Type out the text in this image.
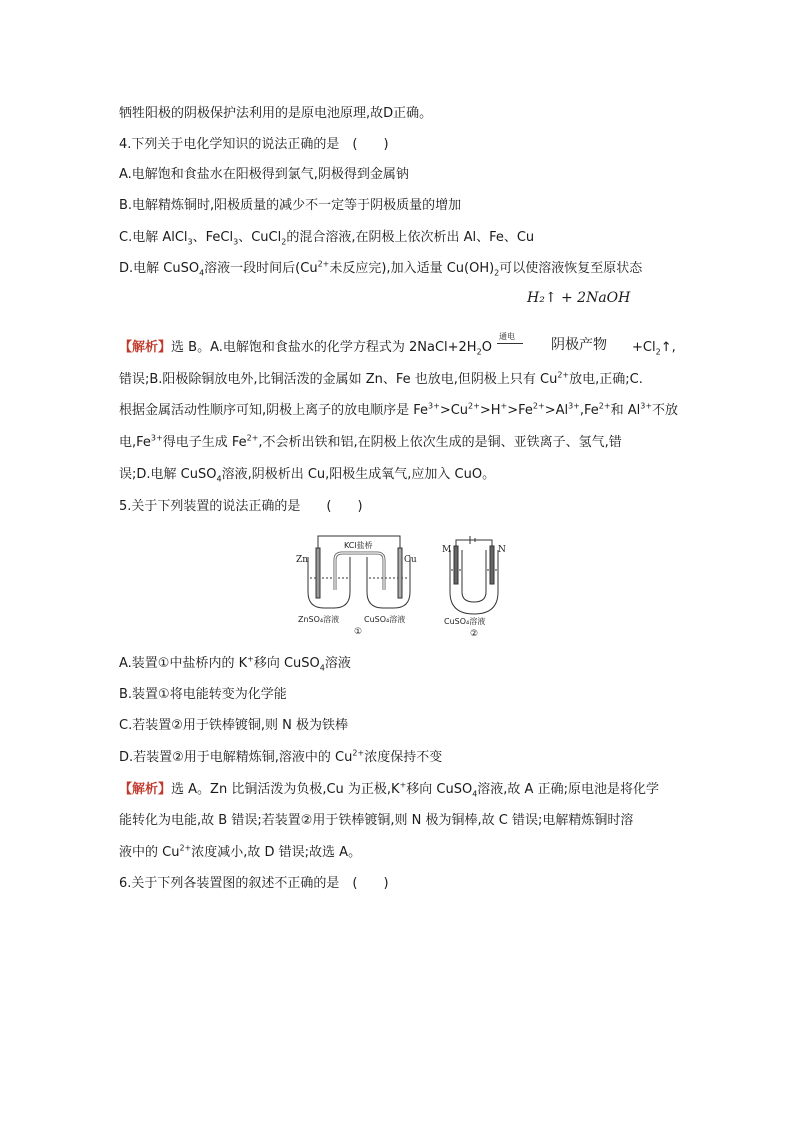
牺牲阳极的阴极保护法利用的是原电池原理,故D正确。
4.下列关于电化学知识的说法正确的是　(　　)
A.电解饱和食盐水在阳极得到氯气,阴极得到金属钠
B.电解精炼铜时,阳极质量的减少不一定等于阴极质量的增加
C.电解 AlCl$_3$、FeCl$_3$、CuCl$_2$的混合溶液,在阴极上依次析出 Al、Fe、Cu
D.电解 CuSO$_4$溶液一段时间后($Cu^{2+}$未反应完),加入适量 $Cu(OH)_2$可以使溶液恢复至原状态
H₂↑ + 2NaOH
通电
阴极产物
【解析】选 B。A.电解饱和食盐水的化学方程式为 $2NaCl+2H_2O$	$+Cl_2↑$,
错误;B.阳极除铜放电外,比铜活泼的金属如 Zn、Fe 也放电,但阴极上只有 $Cu^{2+}$放电,正确;C.
根据金属活动性顺序可知,阴极上离子的放电顺序是 $Fe^{3+}>Cu^{2+}>H^+>Fe^{2+}>Al^{3+},Fe^{2+}$和 $Al^{3+}$不放
电$,Fe^{3+}$得电子生成 $Fe^{2+}$,不会析出铁和铝,在阴极上依次生成的是铜、亚铁离子、氢气,错
误;D.电解 CuSO$_4$溶液,阴极析出 Cu,阳极生成氧气,应加入 CuO。
5.关于下列装置的说法正确的是　　(　　)
KCl盐桥
Zn	Cu
ZnSO₄溶液	CuSO₄溶液
①
M	N
CuSO₄溶液
②
A.装置①中盐桥内的 K+移向 CuSO$_4$溶液
B.装置①将电能转变为化学能
C.若装置②用于铁棒镀铜,则 N 极为铁棒
D.若装置②用于电解精炼铜,溶液中的 $Cu^{2+}$浓度保持不变
【解析】选 A。Zn 比铜活泼为负极,Cu 为正极,K+移向 CuSO$_4$溶液,故 A 正确;原电池是将化学
能转化为电能,故 B 错误;若装置②用于铁棒镀铜,则 N 极为铜棒,故 C 错误;电解精炼铜时溶
液中的 $Cu^{2+}$浓度减小,故 D 错误;故选 A。
6.关于下列各装置图的叙述不正确的是　(　　)
